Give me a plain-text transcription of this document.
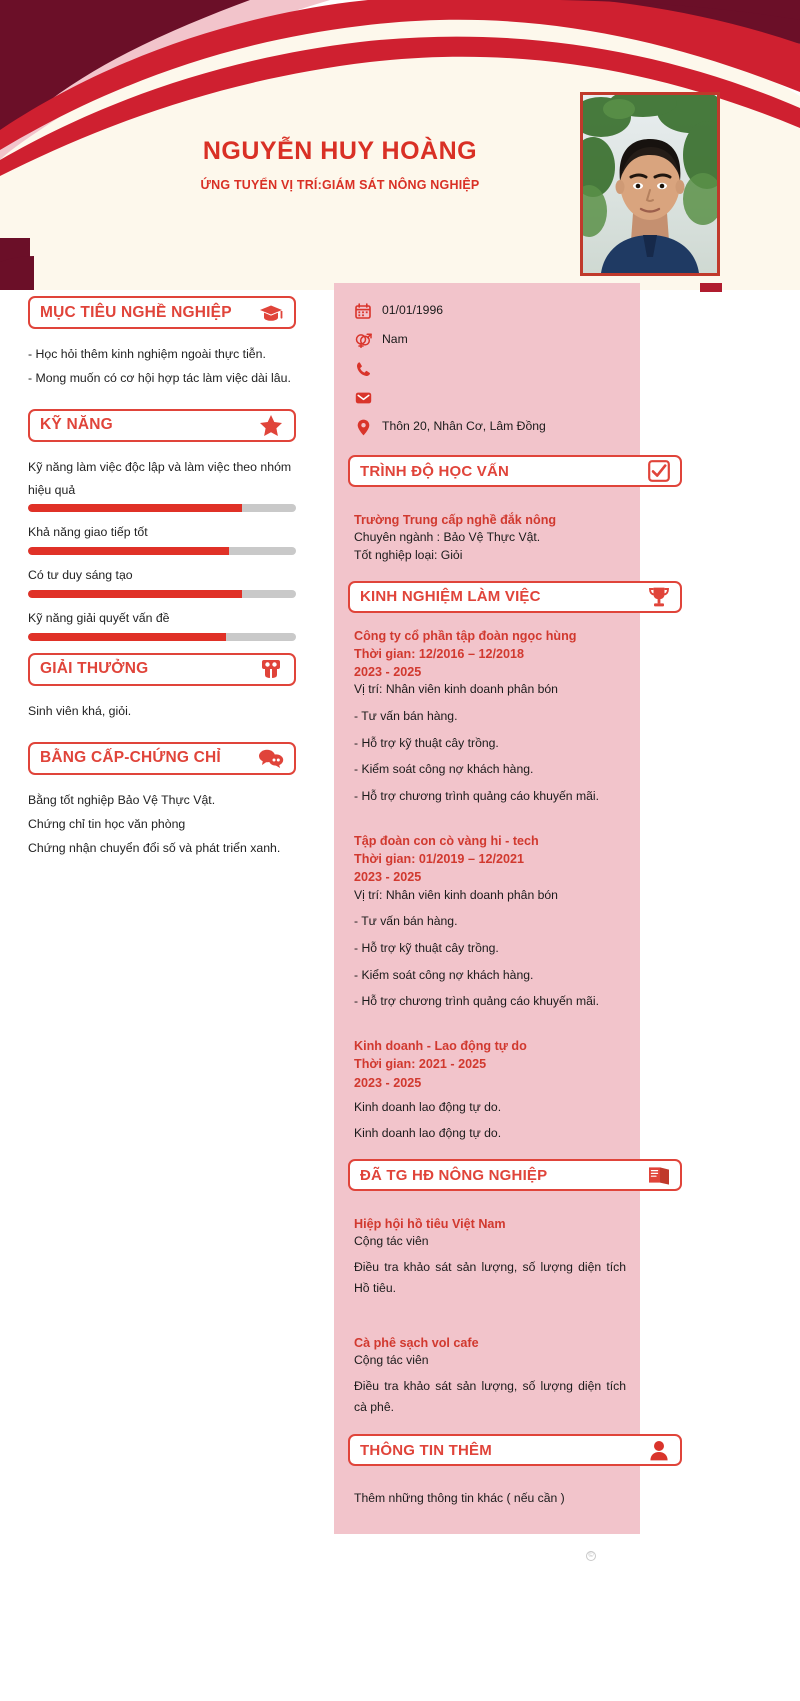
NGUYỄN HUY HOÀNG
ỨNG TUYỂN VỊ TRÍ:GIÁM SÁT NÔNG NGHIỆP
MỤC TIÊU NGHỀ NGHIỆP

- Học hỏi thêm kinh nghiệm ngoài thực tiễn.

- Mong muốn có cơ hội hợp tác làm việc dài lâu.

KỸ NĂNG

Kỹ năng làm việc độc lập và làm việc theo nhóm hiệu quả

Khả năng giao tiếp tốt

Có tư duy sáng tạo

Kỹ năng giải quyết vấn đề

GIẢI THƯỞNG

Sinh viên khá, giỏi.

BẰNG CẤP-CHỨNG CHỈ

Bằng tốt nghiệp Bảo Vệ Thực Vật.

Chứng chỉ tin học văn phòng

Chứng nhận chuyển đổi số và phát triển xanh.

01/01/1996
Nam
Thôn 20, Nhân Cơ, Lâm Đồng
TRÌNH ĐỘ HỌC VẤN

Trường Trung cấp nghề đắk nông

Chuyên ngành : Bảo Vệ Thực Vật.

Tốt nghiệp loại: Giỏi

KINH NGHIỆM LÀM VIỆC

Công ty cổ phần tập đoàn ngọc hùng

Thời gian: 12/2016 – 12/2018

2023 - 2025

Vị trí: Nhân viên kinh doanh phân bón

- Tư vấn bán hàng.

- Hỗ trợ kỹ thuật cây trồng.

- Kiểm soát công nợ khách hàng.

- Hỗ trợ chương trình quảng cáo khuyến mãi.

Tập đoàn con cò vàng hi - tech

Thời gian: 01/2019 – 12/2021

2023 - 2025

Vị trí: Nhân viên kinh doanh phân bón

- Tư vấn bán hàng.

- Hỗ trợ kỹ thuật cây trồng.

- Kiểm soát công nợ khách hàng.

- Hỗ trợ chương trình quảng cáo khuyến mãi.

Kinh doanh - Lao động tự do

Thời gian: 2021 - 2025

2023 - 2025

Kinh doanh lao động tự do.

Kinh doanh lao động tự do.

ĐÃ TG HĐ NÔNG NGHIỆP

Hiệp hội hồ tiêu Việt Nam

Cộng tác viên

Điều tra khảo sát sản lượng, số lượng diện tích Hồ tiêu.

Cà phê sạch vol cafe

Cộng tác viên

Điều tra khảo sát sản lượng, số lượng diện tích cà phê.

THÔNG TIN THÊM

Thêm những thông tin khác ( nếu cần )

©
